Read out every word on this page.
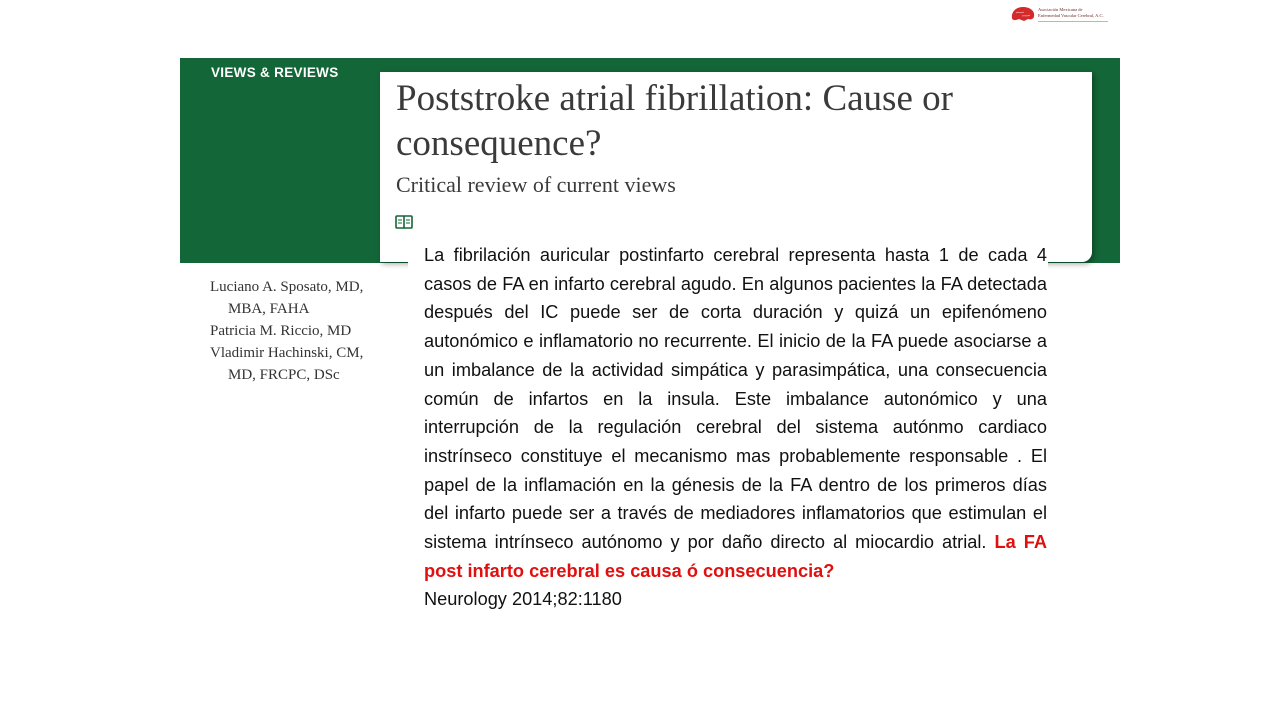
Asociación Mexicana de
Enfermedad Vascular Cerebral, A.C.
VIEWS & REVIEWS
Poststroke atrial fibrillation: Cause or consequence?
Critical review of current views
Luciano A. Sposato, MD,
MBA, FAHA
Patricia M. Riccio, MD
Vladimir Hachinski, CM,
MD, FRCPC, DSc

La fibrilación auricular postinfarto cerebral representa hasta 1 de cada 4 casos de FA en infarto cerebral agudo. En algunos pacientes la FA detectada después del IC puede ser de corta duración y quizá un epifenómeno autonómico e inflamatorio no recurrente. El inicio de la FA puede asociarse a un imbalance de la actividad simpática y parasimpática, una consecuencia común de infartos en la insula. Este imbalance autonómico y una interrupción de la regulación cerebral del sistema autónmo cardiaco instrínseco constituye el mecanismo mas probablemente responsable . El papel de la inflamación en la génesis de la FA dentro de los primeros días del infarto puede ser a través de mediadores inflamatorios que estimulan el sistema intrínseco autónomo y por daño directo al miocardio atrial. La FA post infarto cerebral es causa ó consecuencia?

Neurology 2014;82:1180
